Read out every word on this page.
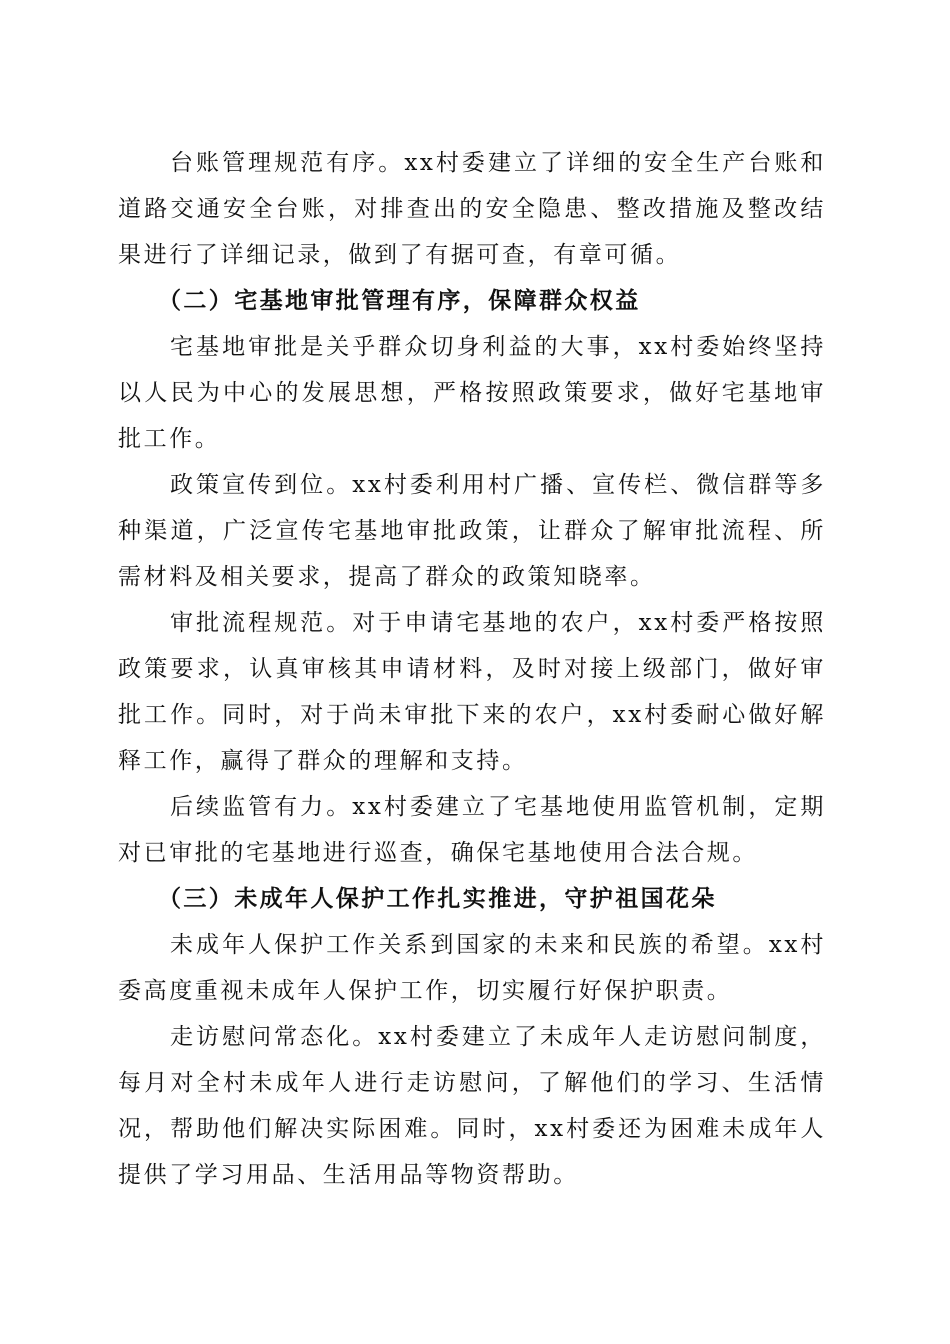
台账管理规范有序。xx村委建立了详细的安全生产台账和道路交通安全台账，对排查出的安全隐患、整改措施及整改结果进行了详细记录，做到了有据可查，有章可循。

（二）宅基地审批管理有序，保障群众权益

宅基地审批是关乎群众切身利益的大事，xx村委始终坚持以人民为中心的发展思想，严格按照政策要求，做好宅基地审批工作。

政策宣传到位。xx村委利用村广播、宣传栏、微信群等多种渠道，广泛宣传宅基地审批政策，让群众了解审批流程、所需材料及相关要求，提高了群众的政策知晓率。

审批流程规范。对于申请宅基地的农户，xx村委严格按照政策要求，认真审核其申请材料，及时对接上级部门，做好审批工作。同时，对于尚未审批下来的农户，xx村委耐心做好解释工作，赢得了群众的理解和支持。

后续监管有力。xx村委建立了宅基地使用监管机制，定期对已审批的宅基地进行巡查，确保宅基地使用合法合规。

（三）未成年人保护工作扎实推进，守护祖国花朵

未成年人保护工作关系到国家的未来和民族的希望。xx村委高度重视未成年人保护工作，切实履行好保护职责。

走访慰问常态化。xx村委建立了未成年人走访慰问制度，每月对全村未成年人进行走访慰问，了解他们的学习、生活情况，帮助他们解决实际困难。同时，xx村委还为困难未成年人提供了学习用品、生活用品等物资帮助。
